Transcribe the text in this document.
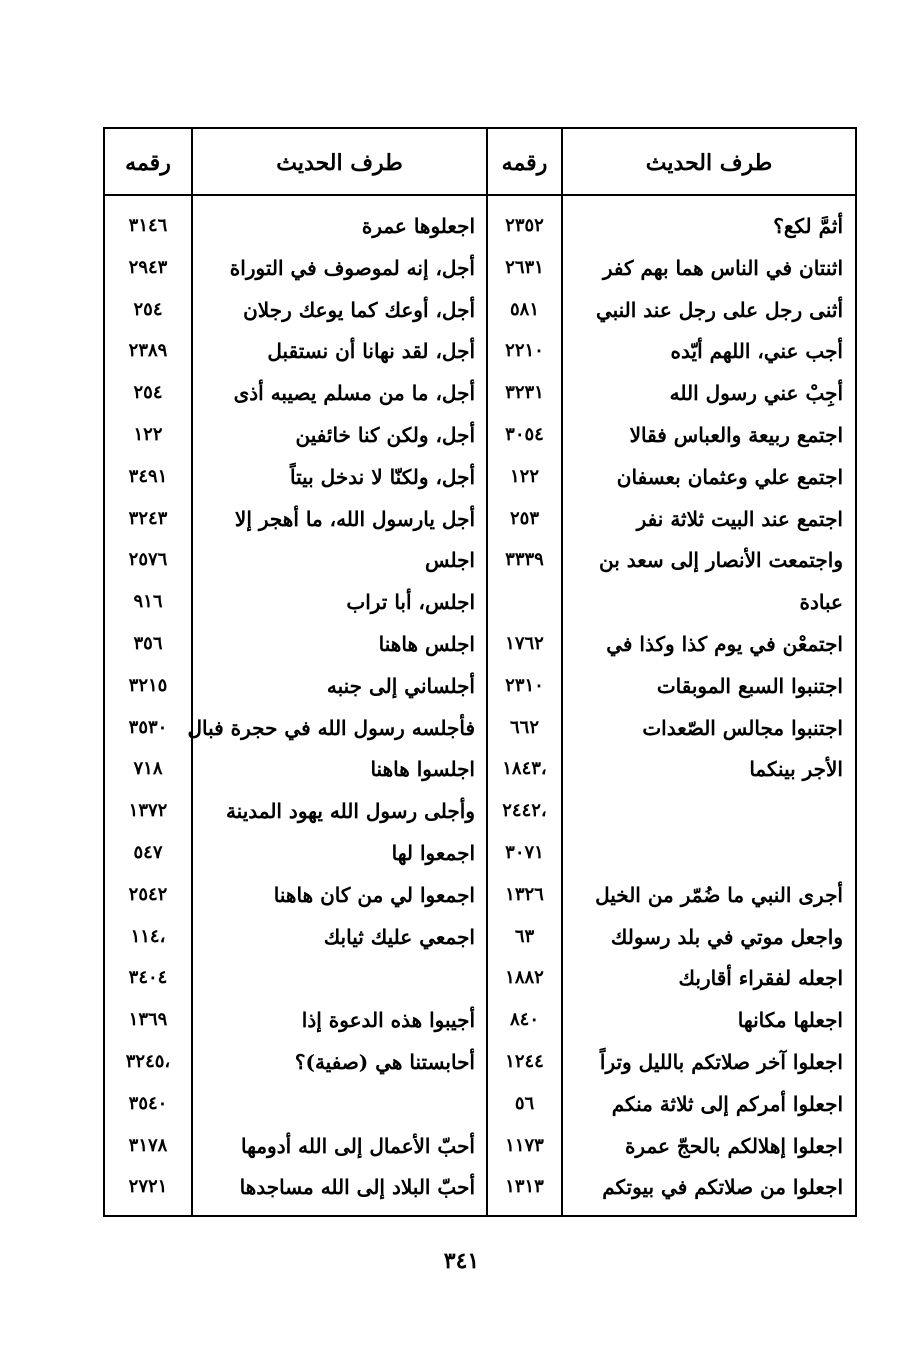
طرف الحديث
رقمه
طرف الحديث
رقمه
أثمَّ لكع؟
٢٣٥٢
اجعلوها عمرة
٣١٤٦
اثنتان في الناس هما بهم كفر
٢٦٣١
أجل، إنه لموصوف في التوراة
٢٩٤٣
أثنى رجل على رجل عند النبي
٥٨١
أجل، أوعك كما يوعك رجلان
٢٥٤
أجب عني، اللهم أيّده
٢٢١٠
أجل، لقد نهانا أن نستقبل
٢٣٨٩
أجِبْ عني رسول الله
٣٢٣١
أجل، ما من مسلم يصيبه أذى
٢٥٤
اجتمع ربيعة والعباس فقالا
٣٠٥٤
أجل، ولكن كنا خائفين
١٢٢
اجتمع علي وعثمان بعسفان
١٢٢
أجل، ولكنّا لا ندخل بيتاً
٣٤٩١
اجتمع عند البيت ثلاثة نفر
٢٥٣
أجل يارسول الله، ما أهجر إلا
٣٢٤٣
واجتمعت الأنصار إلى سعد بن
٣٣٣٩
اجلس
٢٥٧٦
عبادة
اجلس، أبا تراب
٩١٦
اجتمعْن في يوم كذا وكذا في
١٧٦٢
اجلس هاهنا
٣٥٦
اجتنبوا السبع الموبقات
٢٣١٠
أجلساني إلى جنبه
٣٢١٥
اجتنبوا مجالس الصّعدات
٦٦٢
فأجلسه رسول الله في حجرة فبال
٣٥٣٠
الأجر بينكما
١٨٤٣،
اجلسوا هاهنا
٧١٨
٢٤٤٢،
وأجلى رسول الله يهود المدينة
١٣٧٢
٣٠٧١
اجمعوا لها
٥٤٧
أجرى النبي ما ضُمّر من الخيل
١٣٢٦
اجمعوا لي من كان هاهنا
٢٥٤٢
واجعل موتي في بلد رسولك
٦٣
اجمعي عليك ثيابك
١١٤،
اجعله لفقراء أقاربك
١٨٨٢
٣٤٠٤
اجعلها مكانها
٨٤٠
أجيبوا هذه الدعوة إذا
١٣٦٩
اجعلوا آخر صلاتكم بالليل وتراً
١٢٤٤
أحابستنا هي (صفية)؟
٣٢٤٥،
اجعلوا أمركم إلى ثلاثة منكم
٥٦
٣٥٤٠
اجعلوا إهلالكم بالحجّ عمرة
١١٧٣
أحبّ الأعمال إلى الله أدومها
٣١٧٨
اجعلوا من صلاتكم في بيوتكم
١٣١٣
أحبّ البلاد إلى الله مساجدها
٢٧٢١
٣٤١
